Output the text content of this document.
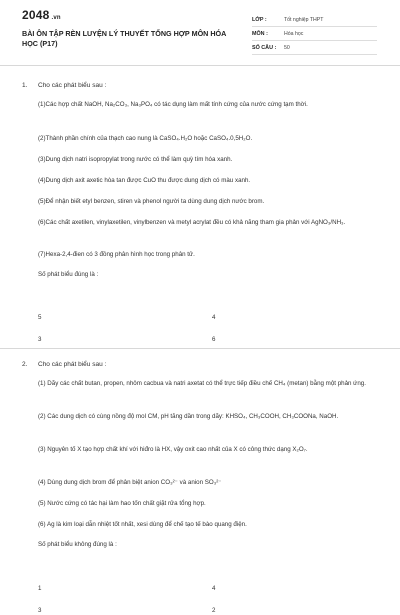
2048 .vn
BÀI ÔN TẬP RÈN LUYỆN LÝ THUYẾT TỔNG HỢP MÔN HÓA HỌC (P17)
LỚP :	Tốt nghiệp THPT
MÔN :	Hóa học
SỐ CÂU :	50
1. Cho các phát biểu sau :
(1)Các hợp chất NaOH, Na₂CO₃, Na₃PO₄ có tác dụng làm mất tính cứng của nước cứng tạm thời.
(2)Thành phần chính của thạch cao nung là CaSO₄.H₂O hoặc CaSO₄.0,5H₂O.
(3)Dung dịch natri isopropylat trong nước có thể làm quỳ tím hóa xanh.
(4)Dung dịch axit axetic hòa tan được CuO thu được dung dịch có màu xanh.
(5)Để nhận biết etyl benzen, stiren và phenol người ta dùng dung dịch nước brom.
(6)Các chất axetilen, vinylaxetilen, vinylbenzen và metyl acrylat đều có khả năng tham gia phản với AgNO₃/NH₃.
(7)Hexa-2,4-đien có 3 đồng phân hình học trong phân tử.
Số phát biểu đúng là :
5	4
3	6
2. Cho các phát biểu sau :
(1) Dãy các chất butan, propen, nhôm cacbua và natri axetat có thể trực tiếp điều chế CH₄ (metan) bằng một phản ứng.
(2) Các dung dịch có cùng nồng độ mol CM, pH tăng dần trong dãy: KHSO₄, CH₃COOH, CH₃COONa, NaOH.
(3) Nguyên tố X tạo hợp chất khí với hiđro là HX, vậy oxit cao nhất của X có công thức dạng X₂O₇.
(4) Dùng dung dịch brom để phân biệt anion CO₃²⁻ và anion SO₃²⁻
(5) Nước cứng có tác hại làm hao tốn chất giặt rửa tổng hợp.
(6) Ag là kim loại dẫn nhiệt tốt nhất, xesi dùng để chế tạo tế bào quang điện.
Số phát biểu không đúng là :
1	4
3	2
